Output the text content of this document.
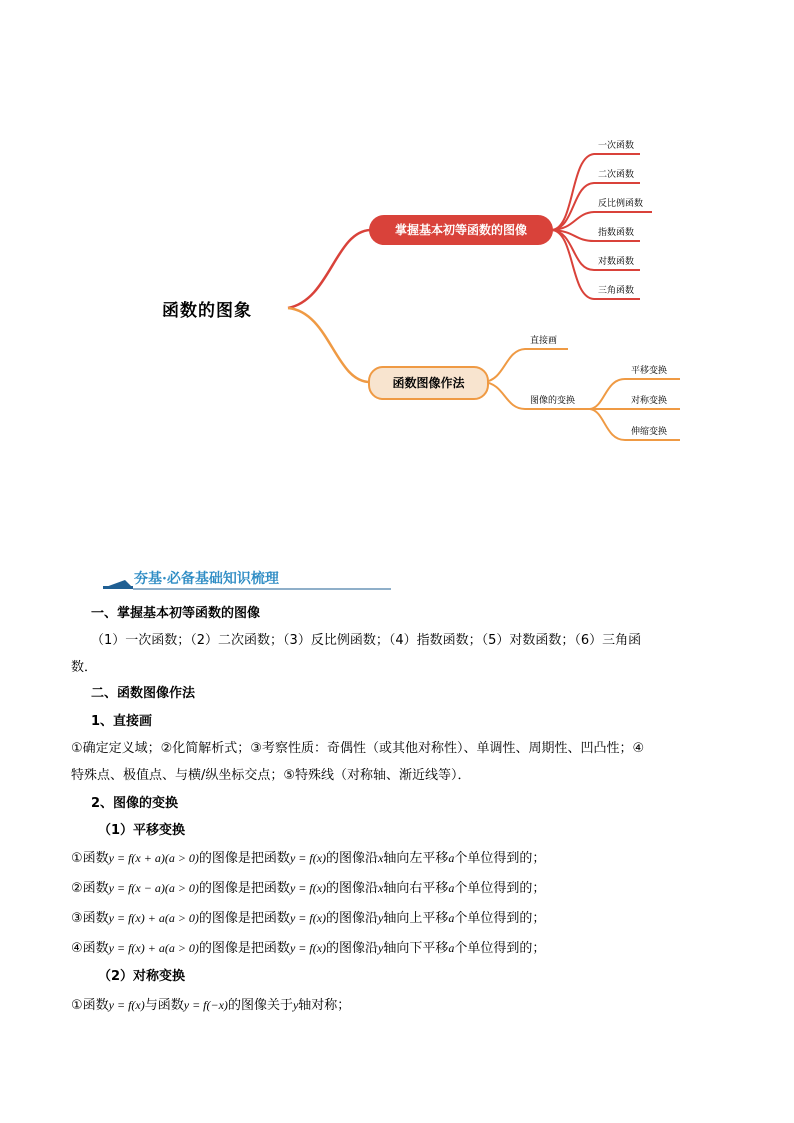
函数的图象
掌握基本初等函数的图像
函数图像作法
一次函数
二次函数
反比例函数
指数函数
对数函数
三角函数
直接画
图像的变换
平移变换
对称变换
伸缩变换
夯基·必备基础知识梳理
一、掌握基本初等函数的图像
（1）一次函数；（2）二次函数；（3）反比例函数；（4）指数函数；（5）对数函数；（6）三角函
数．
二、函数图像作法
1、直接画
①确定定义域；②化简解析式；③考察性质：奇偶性（或其他对称性）、单调性、周期性、凹凸性；④
特殊点、极值点、与横/纵坐标交点；⑤特殊线（对称轴、渐近线等）．
2、图像的变换
（1）平移变换
①函数y = f(x + a)(a > 0)的图像是把函数y = f(x)的图像沿x轴向左平移a个单位得到的；
②函数y = f(x − a)(a > 0)的图像是把函数y = f(x)的图像沿x轴向右平移a个单位得到的；
③函数y = f(x) + a(a > 0)的图像是把函数y = f(x)的图像沿y轴向上平移a个单位得到的；
④函数y = f(x) + a(a > 0)的图像是把函数y = f(x)的图像沿y轴向下平移a个单位得到的；
（2）对称变换
①函数y = f(x)与函数y = f(−x)的图像关于y轴对称；
